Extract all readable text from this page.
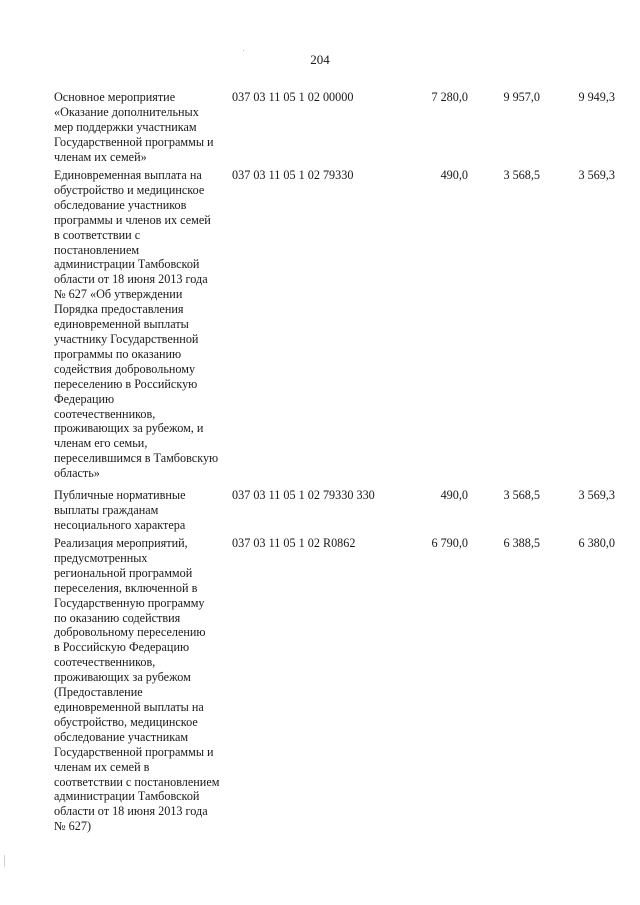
204
Основное мероприятие
«Оказание дополнительных
мер поддержки участникам
Государственной программы и
членам их семей»
037 03 11 05 1 02 00000	7 280,0	9 957,0	9 949,3
Единовременная выплата на
обустройство и медицинское
обследование участников
программы и членов их семей
в соответствии с
постановлением
администрации Тамбовской
области от 18 июня 2013 года
№ 627 «Об утверждении
Порядка предоставления
единовременной выплаты
участнику Государственной
программы по оказанию
содействия добровольному
переселению в Российскую
Федерацию
соотечественников,
проживающих за рубежом, и
членам его семьи,
переселившимся в Тамбовскую
область»
037 03 11 05 1 02 79330	490,0	3 568,5	3 569,3
Публичные нормативные
выплаты гражданам
несоциального характера
037 03 11 05 1 02 79330 330	490,0	3 568,5	3 569,3
Реализация мероприятий,
предусмотренных
региональной программой
переселения, включенной в
Государственную программу
по оказанию содействия
добровольному переселению
в Российскую Федерацию
соотечественников,
проживающих за рубежом
(Предоставление
единовременной выплаты на
обустройство, медицинское
обследование участникам
Государственной программы и
членам их семей в
соответствии с постановлением
администрации Тамбовской
области от 18 июня 2013 года
№ 627)
037 03 11 05 1 02 R0862	6 790,0	6 388,5	6 380,0
